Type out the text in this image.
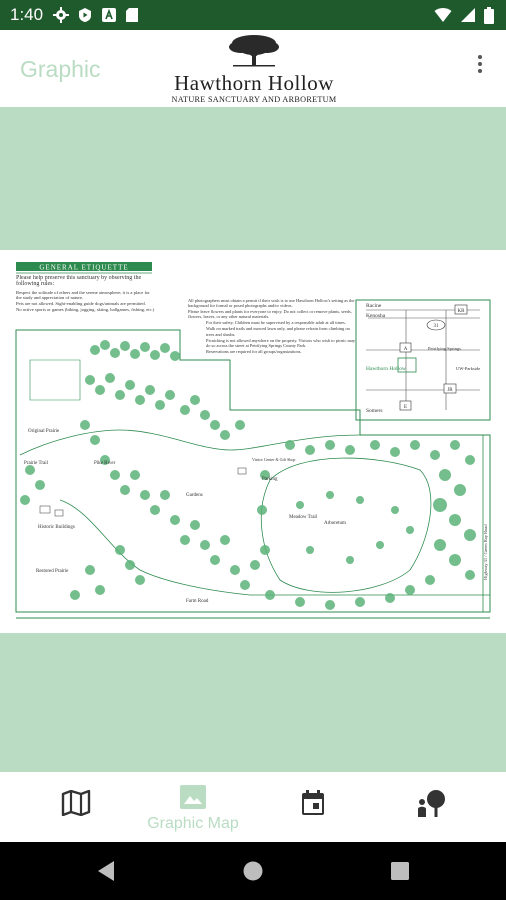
1:40
Graphic
Hawthorn Hollow
NATURE SANCTUARY AND ARBORETUM
GENERAL ETIQUETTE
Please help preserve this sanctuary by observing the following rules:
Respect the solitude of others and the serene atmosphere; it is a place for the study and appreciation of nature.
Pets are not allowed. Sight-enabling guide dogs/animals are permitted.
No active sports or games (biking, jogging, skiing, ballgames, fishing, etc.)
All photographers must obtain a permit if their wish is to use Hawthorn Hollow's setting as the background for formal or posed photographs and/or videos.
Please leave flowers and plants for everyone to enjoy. Do not collect or remove plants, seeds, flowers, leaves, or any other natural materials.
For their safety, Children must be supervised by a responsible adult at all times.
Walk on marked trails and mowed lawn only, and please refrain from climbing on trees and shrubs.
Picnicking is not allowed anywhere on the property. Visitors who wish to picnic may do so across the street at Petrifying Springs County Park.
Reservations are required for all groups/organizations.
Racine
Kenosha
Hawthorn Hollow
Somers
Petrifying Springs
UW-Parkside
KR
31
A
JR
E
Original Prairie
Prairie Trail
Historic Buildings
Pike River
Restored Prairie
Meadow Trail
Arboretum
Parking
Visitor Center & Gift Shop
Gardens
Farm Road
Highway 31 / Green Bay Road
Graphic Map
